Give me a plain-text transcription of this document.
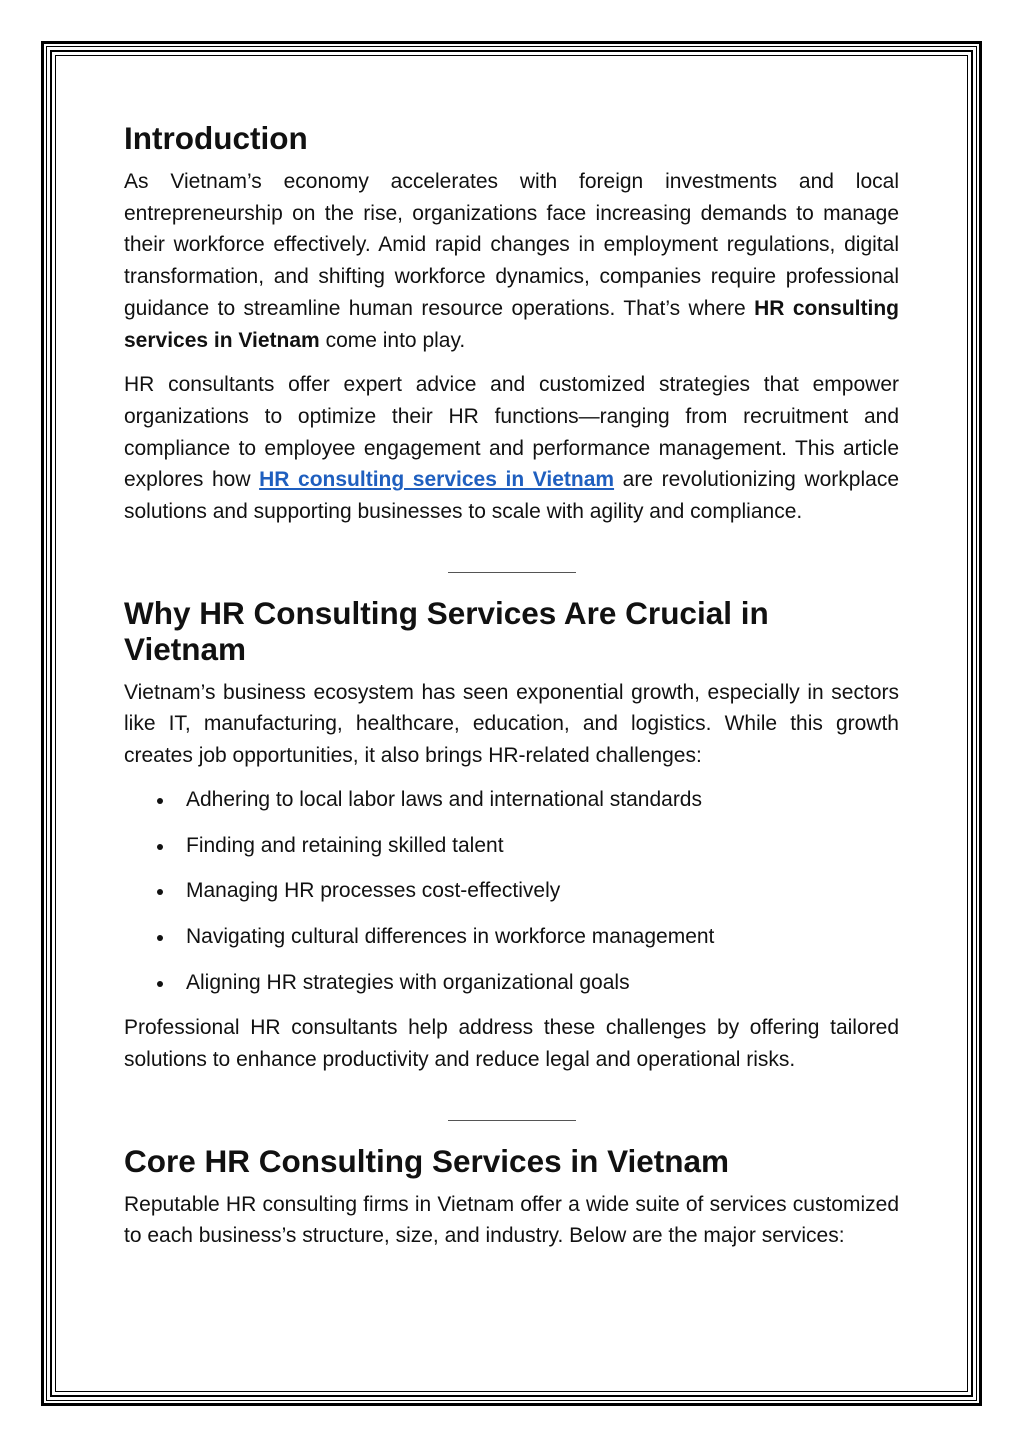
Introduction

As Vietnam’s economy accelerates with foreign investments and local entrepreneurship on the rise, organizations face increasing demands to manage their workforce effectively. Amid rapid changes in employment regulations, digital transformation, and shifting workforce dynamics, companies require professional guidance to streamline human resource operations. That’s where HR consulting services in Vietnam come into play.

HR consultants offer expert advice and customized strategies that empower organizations to optimize their HR functions—ranging from recruitment and compliance to employee engagement and performance management. This article explores how HR consulting services in Vietnam are revolutionizing workplace solutions and supporting businesses to scale with agility and compliance.

Why HR Consulting Services Are Crucial in Vietnam

Vietnam’s business ecosystem has seen exponential growth, especially in sectors like IT, manufacturing, healthcare, education, and logistics. While this growth creates job opportunities, it also brings HR-related challenges:

Adhering to local labor laws and international standards
Finding and retaining skilled talent
Managing HR processes cost-effectively
Navigating cultural differences in workforce management
Aligning HR strategies with organizational goals

Professional HR consultants help address these challenges by offering tailored solutions to enhance productivity and reduce legal and operational risks.

Core HR Consulting Services in Vietnam

Reputable HR consulting firms in Vietnam offer a wide suite of services customized to each business’s structure, size, and industry. Below are the major services:
